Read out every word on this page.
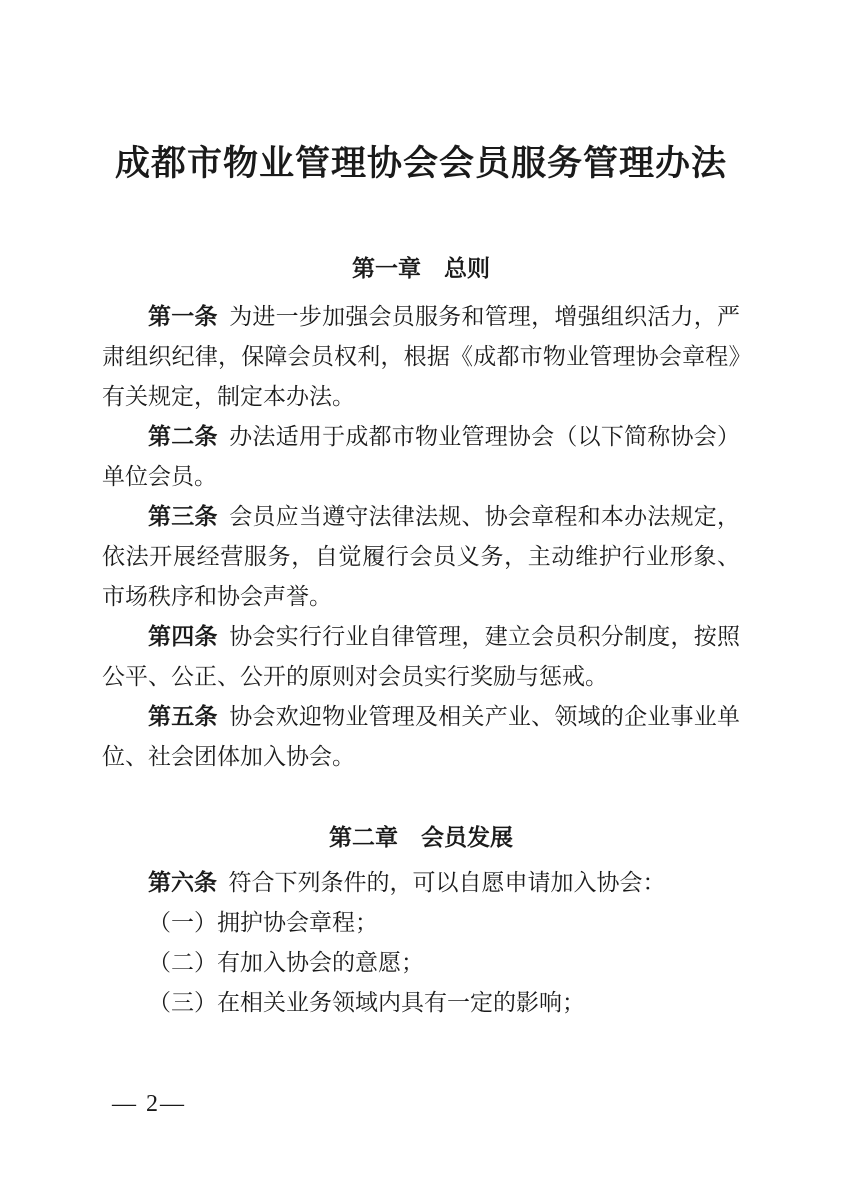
成都市物业管理协会会员服务管理办法
第一章　总则

第一条 为进一步加强会员服务和管理，增强组织活力，严肃组织纪律，保障会员权利，根据《成都市物业管理协会章程》有关规定，制定本办法。

第二条 办法适用于成都市物业管理协会（以下简称协会）单位会员。

第三条 会员应当遵守法律法规、协会章程和本办法规定，依法开展经营服务，自觉履行会员义务，主动维护行业形象、市场秩序和协会声誉。

第四条 协会实行行业自律管理，建立会员积分制度，按照公平、公正、公开的原则对会员实行奖励与惩戒。

第五条 协会欢迎物业管理及相关产业、领域的企业事业单位、社会团体加入协会。

第二章　会员发展

第六条 符合下列条件的，可以自愿申请加入协会：

（一）拥护协会章程；

（二）有加入协会的意愿；

（三）在相关业务领域内具有一定的影响；

— 2—
